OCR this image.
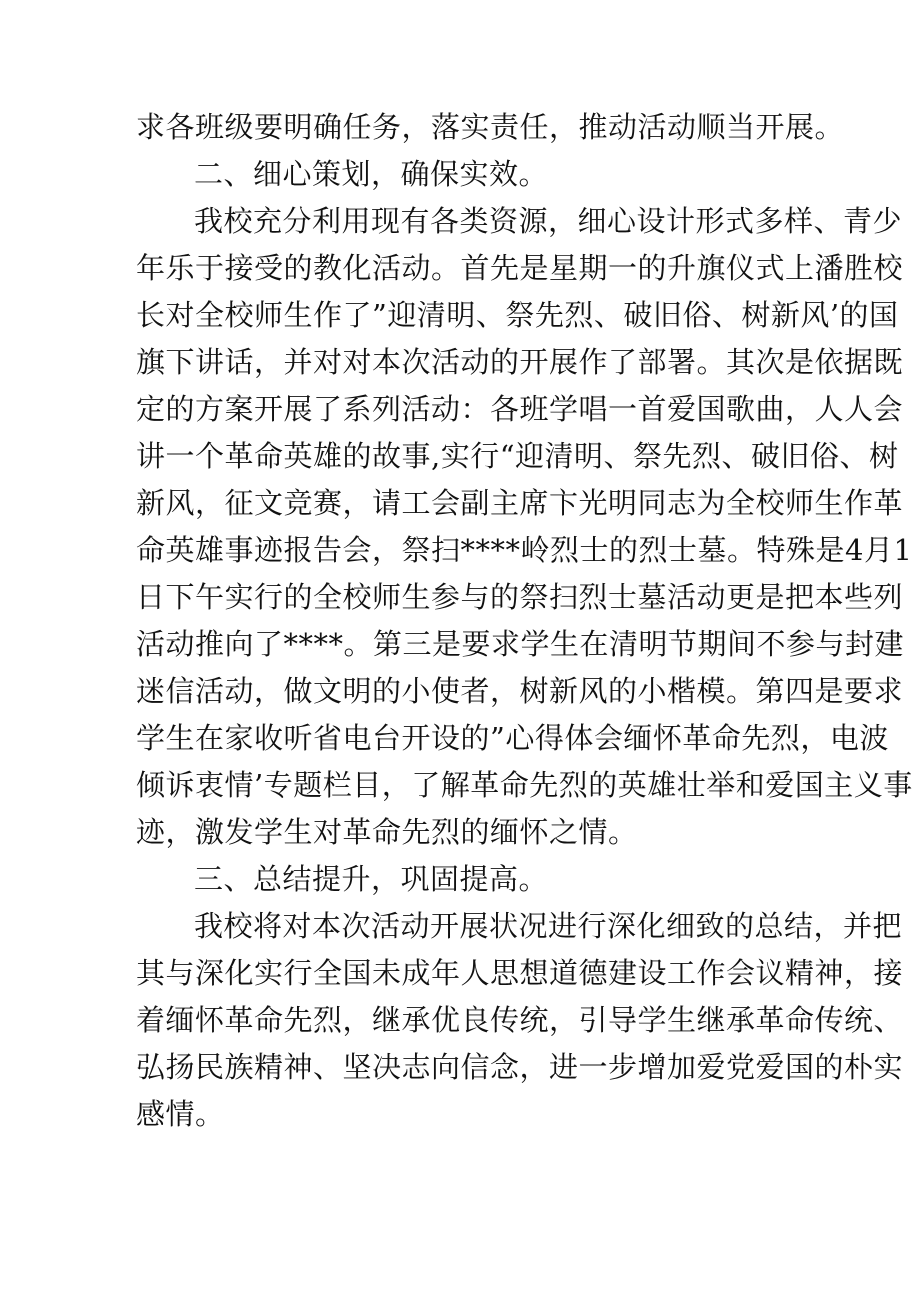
求各班级要明确任务，落实责任，推动活动顺当开展。
二、细心策划，确保实效。
我校充分利用现有各类资源，细心设计形式多样、青少
年乐于接受的教化活动。首先是星期一的升旗仪式上潘胜校
长对全校师生作了”迎清明、祭先烈、破旧俗、树新风’的国
旗下讲话，并对对本次活动的开展作了部署。其次是依据既
定的方案开展了系列活动：各班学唱一首爱国歌曲，人人会
讲一个革命英雄的故事,实行“迎清明、祭先烈、破旧俗、树
新风，征文竞赛，请工会副主席卞光明同志为全校师生作革
命英雄事迹报告会，祭扫****岭烈士的烈士墓。特殊是4月1
日下午实行的全校师生参与的祭扫烈士墓活动更是把本些列
活动推向了****。第三是要求学生在清明节期间不参与封建
迷信活动，做文明的小使者，树新风的小楷模。第四是要求
学生在家收听省电台开设的”心得体会缅怀革命先烈，电波
倾诉衷情’专题栏目，了解革命先烈的英雄壮举和爱国主义事
迹，激发学生对革命先烈的缅怀之情。
三、总结提升，巩固提高。
我校将对本次活动开展状况进行深化细致的总结，并把
其与深化实行全国未成年人思想道德建设工作会议精神，接
着缅怀革命先烈，继承优良传统，引导学生继承革命传统、
弘扬民族精神、坚决志向信念，进一步增加爱党爱国的朴实
感情。
